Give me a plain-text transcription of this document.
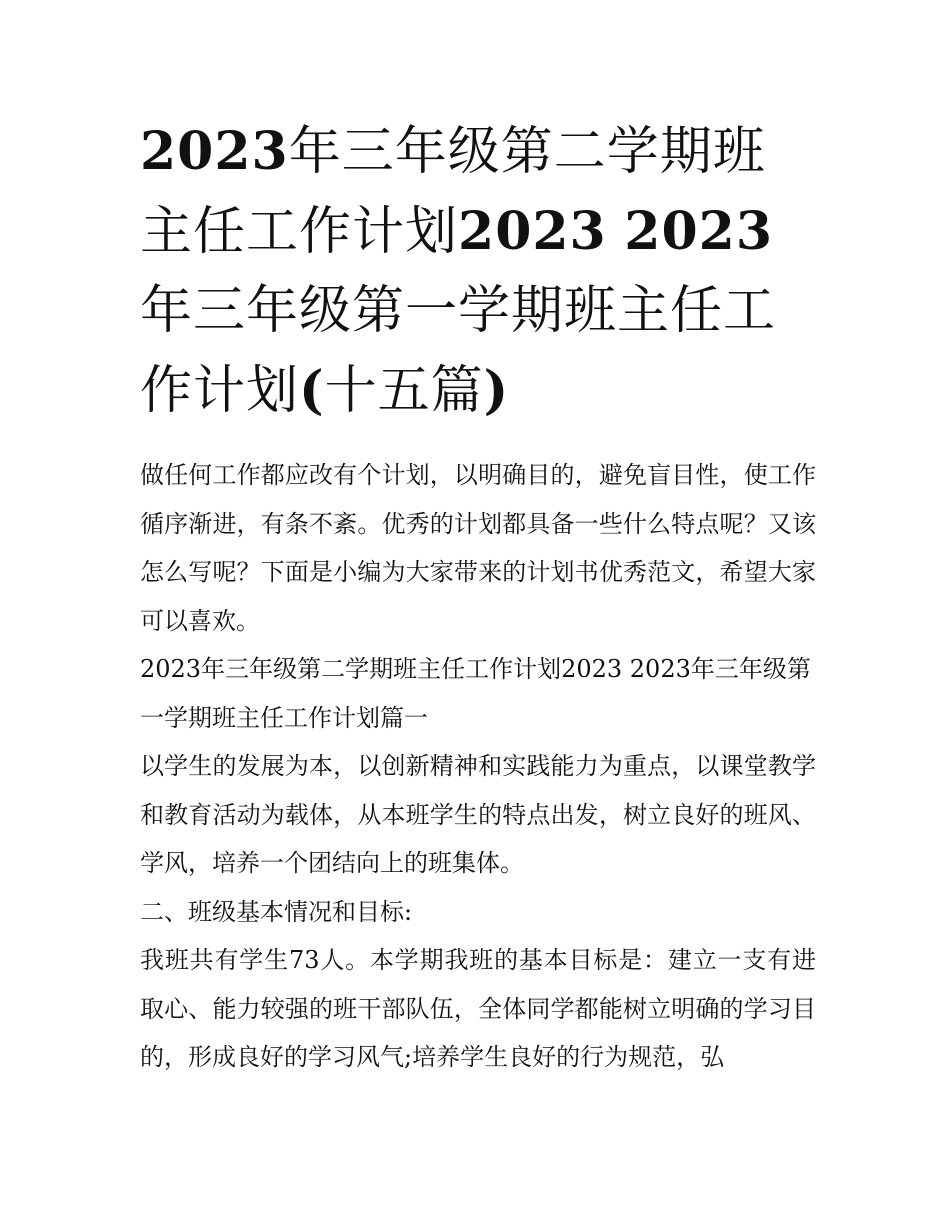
2023年三年级第二学期班主任工作计划2023 2023年三年级第一学期班主任工作计划(十五篇)

做任何工作都应改有个计划，以明确目的，避免盲目性，使工作循序渐进，有条不紊。优秀的计划都具备一些什么特点呢？又该怎么写呢？下面是小编为大家带来的计划书优秀范文，希望大家可以喜欢。

2023年三年级第二学期班主任工作计划2023 2023年三年级第一学期班主任工作计划篇一

以学生的发展为本，以创新精神和实践能力为重点，以课堂教学和教育活动为载体，从本班学生的特点出发，树立良好的班风、学风，培养一个团结向上的班集体。

二、班级基本情况和目标:

我班共有学生73人。本学期我班的基本目标是：建立一支有进取心、能力较强的班干部队伍，全体同学都能树立明确的学习目的，形成良好的学习风气;培养学生良好的行为规范，弘
